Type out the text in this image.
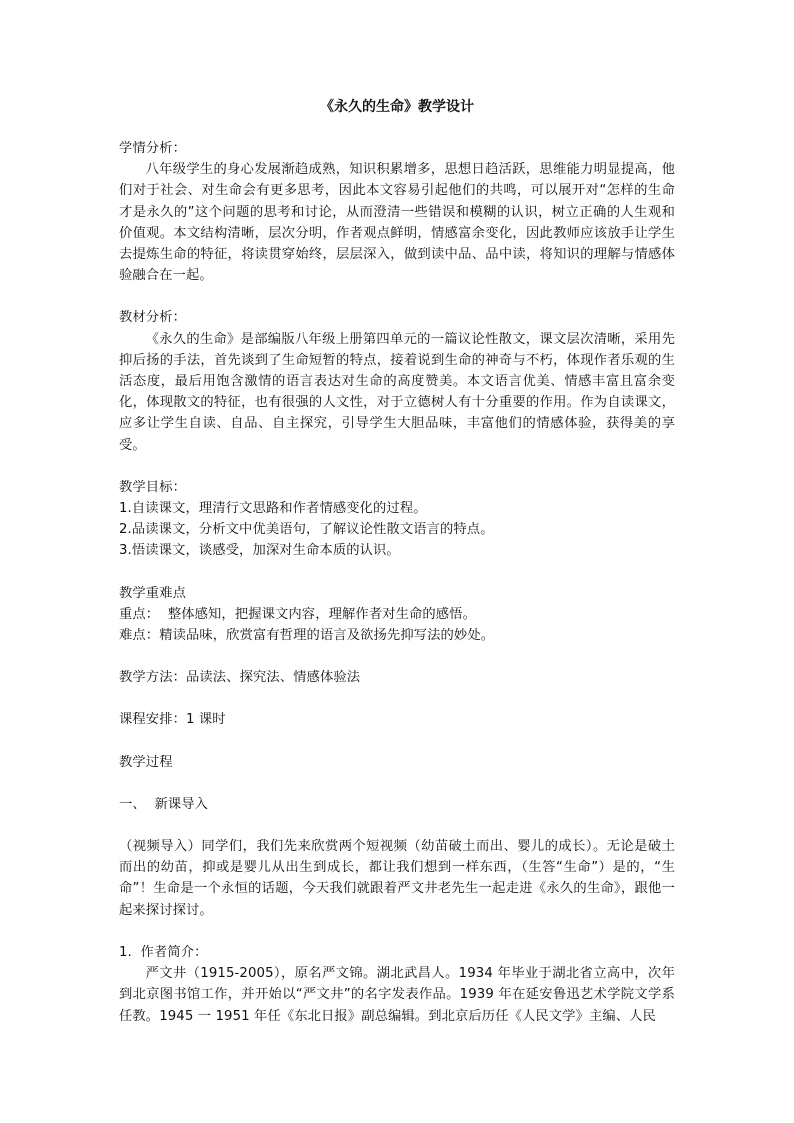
《永久的生命》教学设计

学情分析：

八年级学生的身心发展渐趋成熟，知识积累增多，思想日趋活跃，思维能力明显提高，他们对于社会、对生命会有更多思考，因此本文容易引起他们的共鸣，可以展开对“怎样的生命才是永久的”这个问题的思考和讨论，从而澄清一些错误和模糊的认识，树立正确的人生观和价值观。本文结构清晰，层次分明，作者观点鲜明，情感富余变化，因此教师应该放手让学生去提炼生命的特征，将读贯穿始终，层层深入，做到读中品、品中读，将知识的理解与情感体验融合在一起。

教材分析：

《永久的生命》是部编版八年级上册第四单元的一篇议论性散文，课文层次清晰，采用先抑后扬的手法，首先谈到了生命短暂的特点，接着说到生命的神奇与不朽，体现作者乐观的生活态度，最后用饱含激情的语言表达对生命的高度赞美。本文语言优美、情感丰富且富余变化，体现散文的特征，也有很强的人文性，对于立德树人有十分重要的作用。作为自读课文，应多让学生自读、自品、自主探究，引导学生大胆品味，丰富他们的情感体验，获得美的享受。

教学目标：

1.自读课文，理清行文思路和作者情感变化的过程。

2.品读课文，分析文中优美语句，了解议论性散文语言的特点。

3.悟读课文，谈感受，加深对生命本质的认识。

教学重难点

重点：  整体感知，把握课文内容，理解作者对生命的感悟。

难点：精读品味，欣赏富有哲理的语言及欲扬先抑写法的妙处。

教学方法：品读法、探究法、情感体验法

课程安排：1 课时

教学过程

一、  新课导入

（视频导入）同学们，我们先来欣赏两个短视频（幼苗破土而出、婴儿的成长）。无论是破土而出的幼苗，抑或是婴儿从出生到成长，都让我们想到一样东西，（生答“生命”）是的，“生命”！生命是一个永恒的话题，今天我们就跟着严文井老先生一起走进《永久的生命》，跟他一起来探讨探讨。

1.  作者简介：

严文井（1915-2005），原名严文锦。湖北武昌人。1934 年毕业于湖北省立高中，次年到北京图书馆工作，并开始以“严文井”的名字发表作品。1939 年在延安鲁迅艺术学院文学系任教。1945 一 1951 年任《东北日报》副总编辑。到北京后历任《人民文学》主编、人民
